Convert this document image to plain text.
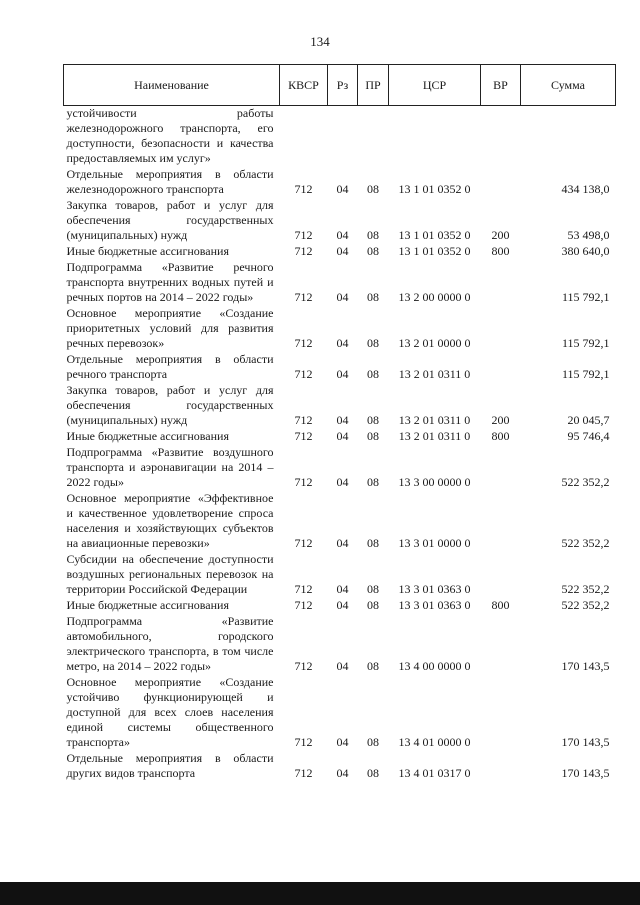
134
Наименование	КВСР	Рз	ПР	ЦСР	ВР	Сумма
устойчивости работы железнодорожного транспорта, его доступности, безопасности и качества предоставляемых им услуг»						
Отдельные мероприятия в области железнодорожного транспорта	712	04	08	13 1 01 0352 0		434 138,0
Закупка товаров, работ и услуг для обеспечения государственных (муниципальных) нужд	712	04	08	13 1 01 0352 0	200	53 498,0
Иные бюджетные ассигнования	712	04	08	13 1 01 0352 0	800	380 640,0
Подпрограмма «Развитие речного транспорта внутренних водных путей и речных портов на 2014 – 2022 годы»	712	04	08	13 2 00 0000 0		115 792,1
Основное мероприятие «Создание приоритетных условий для развития речных перевозок»	712	04	08	13 2 01 0000 0		115 792,1
Отдельные мероприятия в области речного транспорта	712	04	08	13 2 01 0311 0		115 792,1
Закупка товаров, работ и услуг для обеспечения государственных (муниципальных) нужд	712	04	08	13 2 01 0311 0	200	20 045,7
Иные бюджетные ассигнования	712	04	08	13 2 01 0311 0	800	95 746,4
Подпрограмма «Развитие воздушного транспорта и аэронавигации на 2014 – 2022 годы»	712	04	08	13 3 00 0000 0		522 352,2
Основное мероприятие «Эффективное и качественное удовлетворение спроса населения и хозяйствующих субъектов на авиационные перевозки»	712	04	08	13 3 01 0000 0		522 352,2
Субсидии на обеспечение доступности воздушных региональных перевозок на территории Российской Федерации	712	04	08	13 3 01 0363 0		522 352,2
Иные бюджетные ассигнования	712	04	08	13 3 01 0363 0	800	522 352,2
Подпрограмма «Развитие автомобильного, городского электрического транспорта, в том числе метро, на 2014 – 2022 годы»	712	04	08	13 4 00 0000 0		170 143,5
Основное мероприятие «Создание устойчиво функционирующей и доступной для всех слоев населения единой системы общественного транспорта»	712	04	08	13 4 01 0000 0		170 143,5
Отдельные мероприятия в области других видов транспорта	712	04	08	13 4 01 0317 0		170 143,5
